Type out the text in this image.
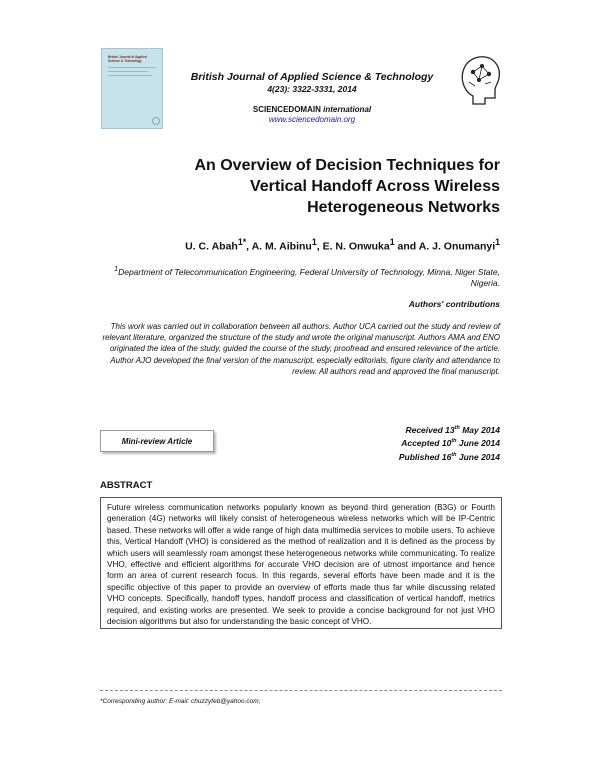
British Journal of Applied Science & Technology
British Journal of Applied Science & Technology
4(23): 3322-3331, 2014
SCIENCEDOMAIN international
www.sciencedomain.org
An Overview of Decision Techniques for
Vertical Handoff Across Wireless
Heterogeneous Networks
U. C. Abah$^{1*}$, A. M. Aibinu$^1$, E. N. Onwuka$^1$ and A. J. Onumanyi$^1$
$^1$Department of Telecommunication Engineering, Federal University of Technology, Minna, Niger State, Nigeria.
Authors' contributions
This work was carried out in collaboration between all authors. Author UCA carried out the study and review of relevant literature, organized the structure of the study and wrote the original manuscript. Authors AMA and ENO originated the idea of the study, guided the course of the study, proofread and ensured relevance of the article. Author AJO developed the final version of the manuscript, especially editorials, figure clarity and attendance to review. All authors read and approved the final manuscript.
Mini-review Article
Received 13th May 2014
Accepted 10th June 2014
Published 16th June 2014
ABSTRACT
Future wireless communication networks popularly known as beyond third generation (B3G) or Fourth generation (4G) networks will likely consist of heterogeneous wireless networks which will be IP-Centric based. These networks will offer a wide range of high data multimedia services to mobile users. To achieve this, Vertical Handoff (VHO) is considered as the method of realization and it is defined as the process by which users will seamlessly roam amongst these heterogeneous networks while communicating. To realize VHO, effective and efficient algorithms for accurate VHO decision are of utmost importance and hence form an area of current research focus. In this regards, several efforts have been made and it is the specific objective of this paper to provide an overview of efforts made thus far while discussing related VHO concepts. Specifically, handoff types, handoff process and classification of vertical handoff, metrics required, and existing works are presented. We seek to provide a concise background for not just VHO decision algorithms but also for understanding the basic concept of VHO.
*Corresponding author: E-mail: chuzzyfeb@yahoo.com;
